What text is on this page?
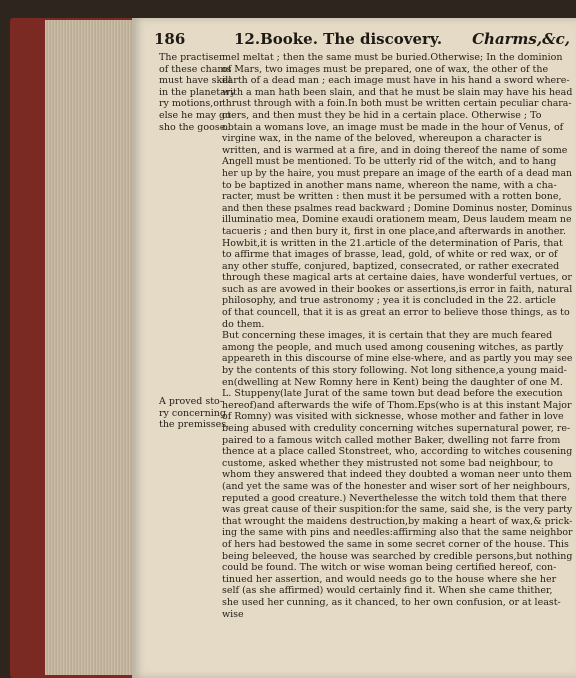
186	12.Booke. The discovery. Charms,&c,
The practiser
of these chams
must have skill
in the planetary
ry motions,or
else he may go
sho the goose.
A proved sto-
ry concerning
the premisses.
mel meltat ; then the same must be buried.Otherwise; In the dominion
of Mars, two images must be prepared, one of wax, the other of the
earth of a dead man ; each image must have in his hand a sword where-
with a man hath been slain, and that he must be slain may have his head
thrust through with a foin.In both must be written certain peculiar chara-
cters, and then must they be hid in a certain place. Otherwise ; To
obtain a womans love, an image must be made in the hour of Venus, of
virgine wax, in the name of the beloved, whereupon a character is
written, and is warmed at a fire, and in doing thereof the name of some
Angell must be mentioned. To be utterly rid of the witch, and to hang
her up by the haire, you must prepare an image of the earth of a dead man
to be baptized in another mans name, whereon the name, with a cha-
racter, must be written : then must it be persumed with a rotten bone,
and then these psalmes read backward ; Domine Dominus noster, Dominus
illuminatio mea, Domine exaudi orationem meam, Deus laudem meam ne
tacueris ; and then bury it, first in one place,and afterwards in another.
Howbit,it is written in the 21.article of the determination of Paris, that
to affirme that images of brasse, lead, gold, of white or red wax, or of
any other stuffe, conjured, baptized, consecrated, or rather execrated
through these magical arts at certaine daies, have wonderful vertues, or
such as are avowed in their bookes or assertions,is error in faith, natural
philosophy, and true astronomy ; yea it is concluded in the 22. article
of that councell, that it is as great an error to believe those things, as to
do them.
But concerning these images, it is certain that they are much feared
among the people, and much used among cousening witches, as partly
appeareth in this discourse of mine else-where, and as partly you may see
by the contents of this story following. Not long sithence,a young maid-
en(dwelling at New Romny here in Kent) being the daughter of one M.
L. Stuppeny(late Jurat of the same town but dead before the execution
hereof)and afterwards the wife of Thom.Eps(who is at this instant Major
of Romny) was visited with sicknesse, whose mother and father in love
being abused with credulity concerning witches supernatural power, re-
paired to a famous witch called mother Baker, dwelling not farre from
thence at a place called Stonstreet, who, according to witches cousening
custome, asked whether they mistrusted not some bad neighbour, to
whom they answered that indeed they doubted a woman neer unto them
(and yet the same was of the honester and wiser sort of her neighbours,
reputed a good creature.) Neverthelesse the witch told them that there
was great cause of their suspition:for the same, said she, is the very party
that wrought the maidens destruction,by making a heart of wax,& prick-
ing the same with pins and needles:affirming also that the same neighbor
of hers had bestowed the same in some secret corner of the house. This
being beleeved, the house was searched by credible persons,but nothing
could be found. The witch or wise woman being certified hereof, con-
tinued her assertion, and would needs go to the house where she her
self (as she affirmed) would certainly find it. When she came thither,
she used her cunning, as it chanced, to her own confusion, or at least-
wise
